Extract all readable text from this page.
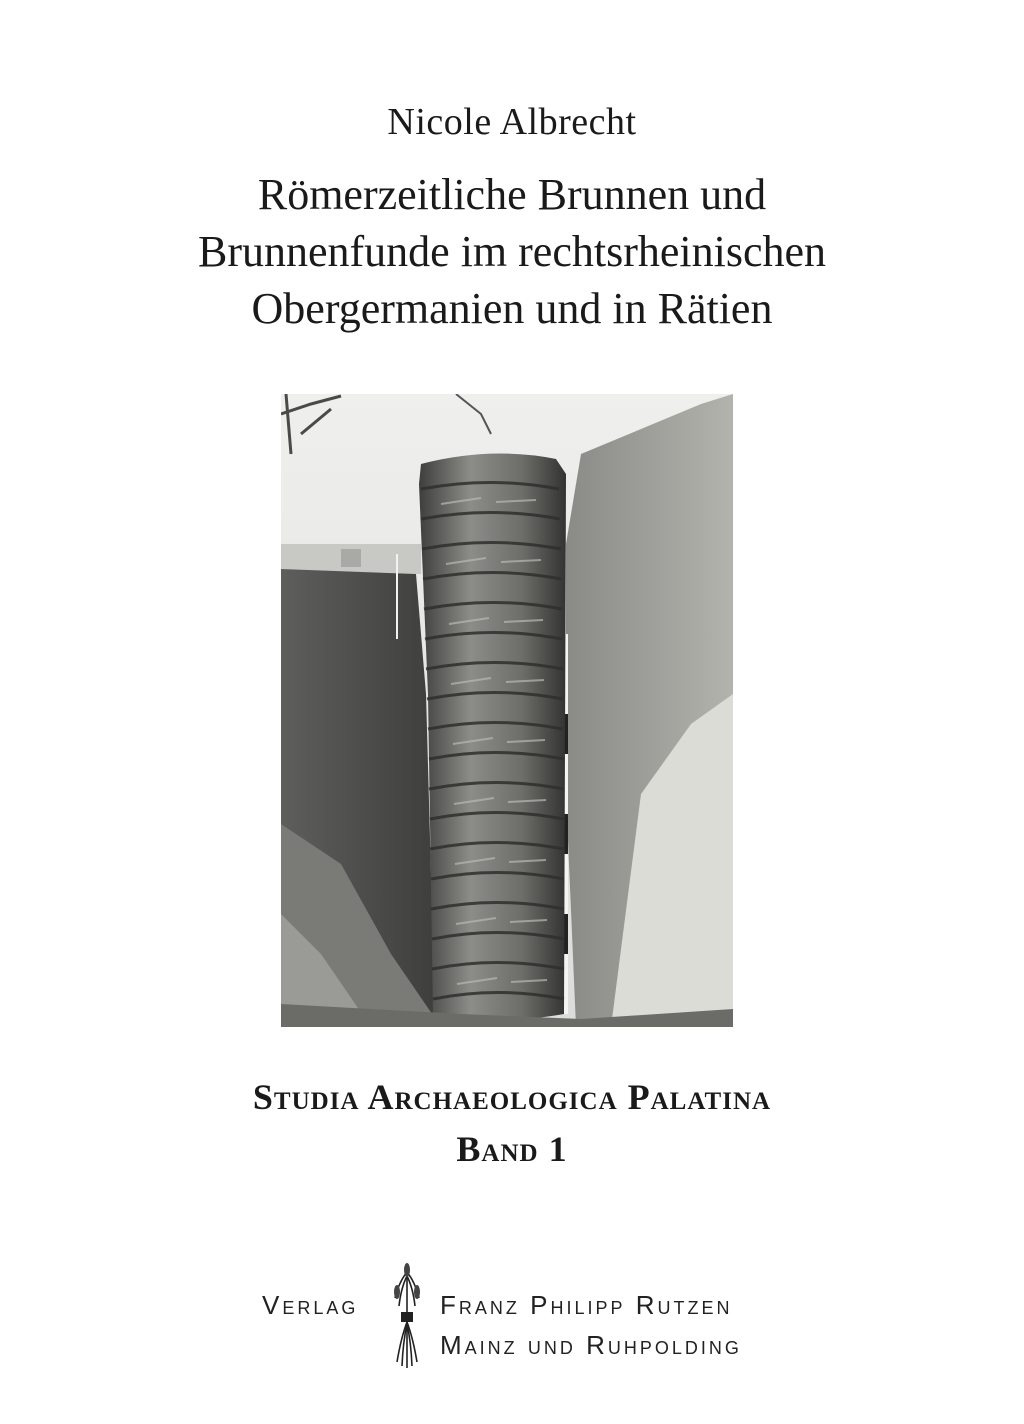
Nicole Albrecht
Römerzeitliche Brunnen und
Brunnenfunde im rechtsrheinischen
Obergermanien und in Rätien
Studia Archaeologica Palatina
Band 1
Verlag	Franz Philipp Rutzen
Mainz und Ruhpolding
